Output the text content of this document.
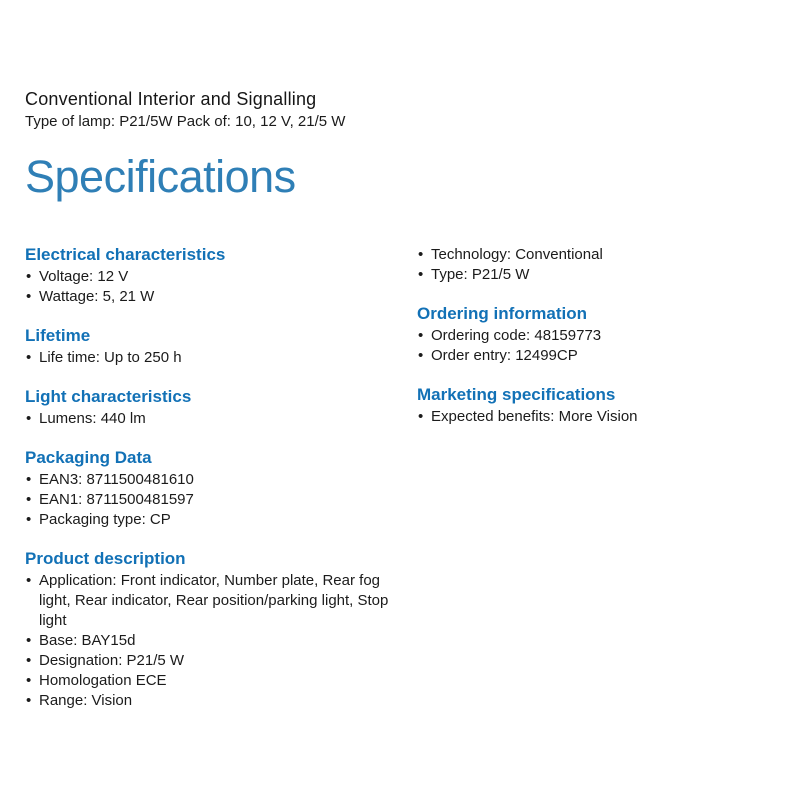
Conventional Interior and Signalling
Type of lamp: P21/5W Pack of: 10, 12 V, 21/5 W
Specifications
Electrical characteristics
• Voltage: 12 V
• Wattage: 5, 21 W
Lifetime
• Life time: Up to 250 h
Light characteristics
• Lumens: 440 lm
Packaging Data
• EAN3: 8711500481610
• EAN1: 8711500481597
• Packaging type: CP
Product description
• Application: Front indicator, Number plate, Rear fog light, Rear indicator, Rear position/parking light, Stop light
• Base: BAY15d
• Designation: P21/5 W
• Homologation ECE
• Range: Vision
• Technology: Conventional
• Type: P21/5 W
Ordering information
• Ordering code: 48159773
• Order entry: 12499CP
Marketing specifications
• Expected benefits: More Vision
